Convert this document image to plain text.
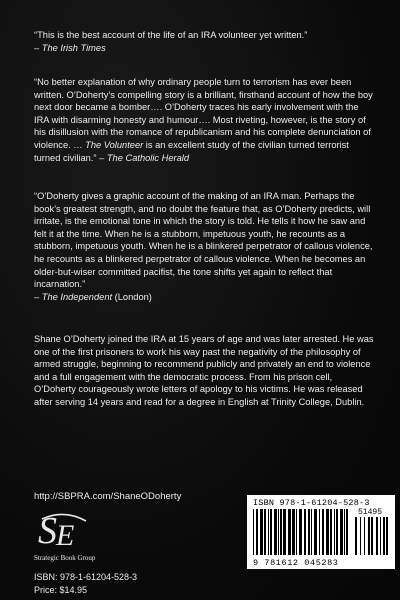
“This is the best account of the life of an IRA volunteer yet written.”
– The Irish Times
“No better explanation of why ordinary people turn to terrorism has ever been written. O’Doherty’s compelling story is a brilliant, firsthand account of how the boy next door became a bomber…. O’Doherty traces his early involvement with the IRA with disarming honesty and humour…. Most riveting, however, is the story of his disillusion with the romance of republicanism and his complete denunciation of violence. … The Volunteer is an excellent study of the civilian turned terrorist turned civilian.” – The Catholic Herald
“O’Doherty gives a graphic account of the making of an IRA man. Perhaps the book’s greatest strength, and no doubt the feature that, as O’Doherty predicts, will irritate, is the emotional tone in which the story is told. He tells it how he saw and felt it at the time. When he is a stubborn, impetuous youth, he recounts as a stubborn, impetuous youth. When he is a blinkered perpetrator of callous violence, he recounts as a blinkered perpetrator of callous violence. When he becomes an older-but-wiser committed pacifist, the tone shifts yet again to reflect that incarnation.”
– The Independent (London)
Shane O’Doherty joined the IRA at 15 years of age and was later arrested. He was one of the first prisoners to work his way past the negativity of the philosophy of armed struggle, beginning to recommend publicly and privately an end to violence and a full engagement with the democratic process. From his prison cell, O’Doherty courageously wrote letters of apology to his victims. He was released after serving 14 years and read for a degree in English at Trinity College, Dublin.
http://SBPRA.com/ShaneODoherty
S E
Strategic Book Group
ISBN: 978-1-61204-528-3
Price: $14.95
ISBN 978-1-61204-528-3
51495
9 781612 045283
